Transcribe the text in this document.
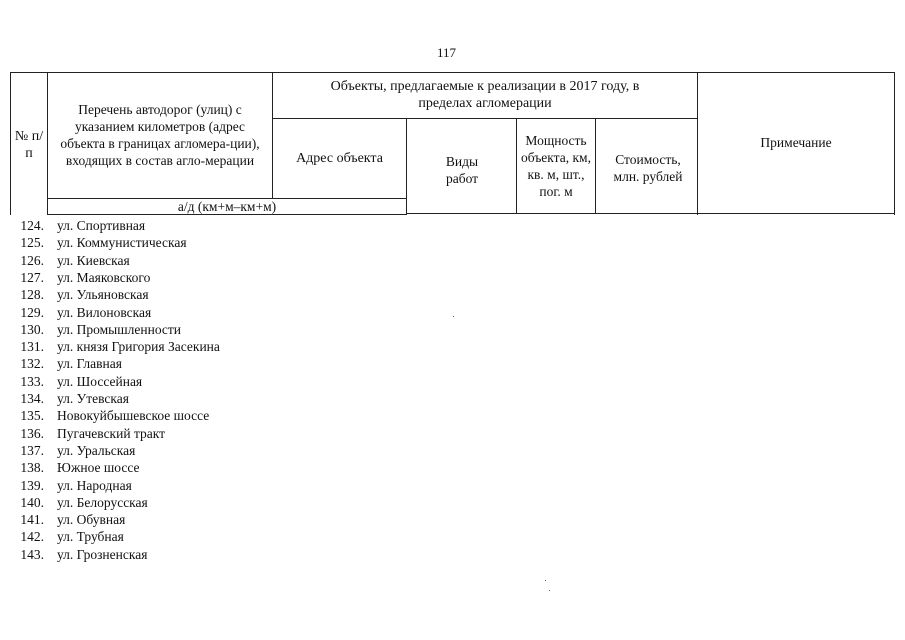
117
№ п/п
Перечень автодорог (улиц) с указанием километров (адрес объекта в границах агломера-ции), входящих в состав агло-мерации
а/д (км+м–км+м)
Объекты, предлагаемые к реализации в 2017 году, в пределах агломерации
Адрес объекта	Виды работ
Мощность объекта, км, кв. м, шт., пог. м
Стоимость, млн. рублей
Примечание
124. ул. Спортивная
125. ул. Коммунистическая
126. ул. Киевская
127. ул. Маяковского
128. ул. Ульяновская
129. ул. Вилоновская
130. ул. Промышленности
131. ул. князя Григория Засекина
132. ул. Главная
133. ул. Шоссейная
134. ул. Утевская
135. Новокуйбышевское шоссе
136. Пугачевский тракт
137. ул. Уральская
138. Южное шоссе
139. ул. Народная
140. ул. Белорусская
141. ул. Обувная
142. ул. Трубная
143. ул. Грозненская
